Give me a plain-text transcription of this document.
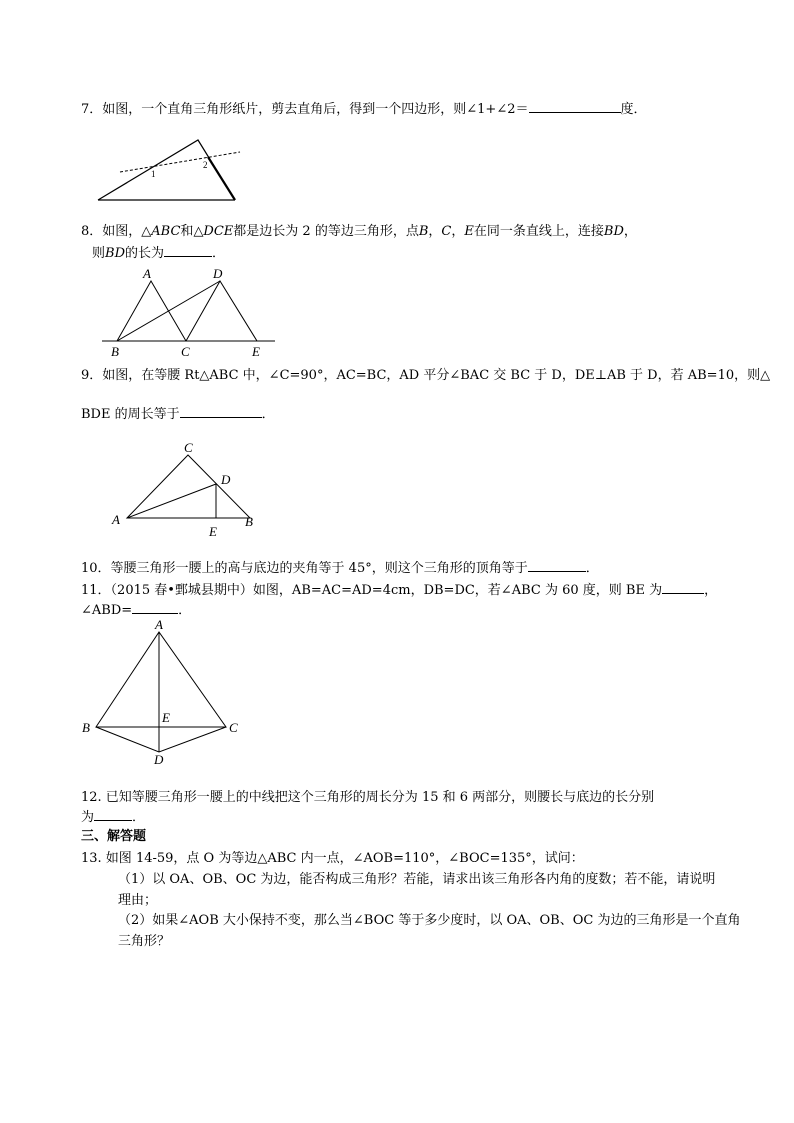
7．如图，一个直角三角形纸片，剪去直角后，得到一个四边形，则∠1+∠2＝	度．
1
2
8．如图，△ABC和△DCE都是边长为 2 的等边三角形，点B，C，E在同一条直线上，连接BD，
则BD的长为	．
A	D
B	C	E
9．如图，在等腰 Rt△ABC 中，∠C=90°，AC=BC，AD 平分∠BAC 交 BC 于 D，DE⊥AB 于 D，若 AB=10，则△
BDE 的周长等于	．
C
D
A
E
B
10．等腰三角形一腰上的高与底边的夹角等于 45°，则这个三角形的顶角等于	．
11．（2015 春•鄄城县期中）如图，AB=AC=AD=4cm，DB=DC，若∠ABC 为 60 度，则 BE 为	，
∠ABD=	．
A
B
E
C
D
12. 已知等腰三角形一腰上的中线把这个三角形的周长分为 15 和 6 两部分，则腰长与底边的长分别
为	．
三、解答题
13. 如图 14-59，点 O 为等边△ABC 内一点，∠AOB=110°，∠BOC=135°，试问：
（1）以 OA、OB、OC 为边，能否构成三角形？若能，请求出该三角形各内角的度数；若不能，请说明
理由；
（2）如果∠AOB 大小保持不变，那么当∠BOC 等于多少度时，以 OA、OB、OC 为边的三角形是一个直角
三角形？
